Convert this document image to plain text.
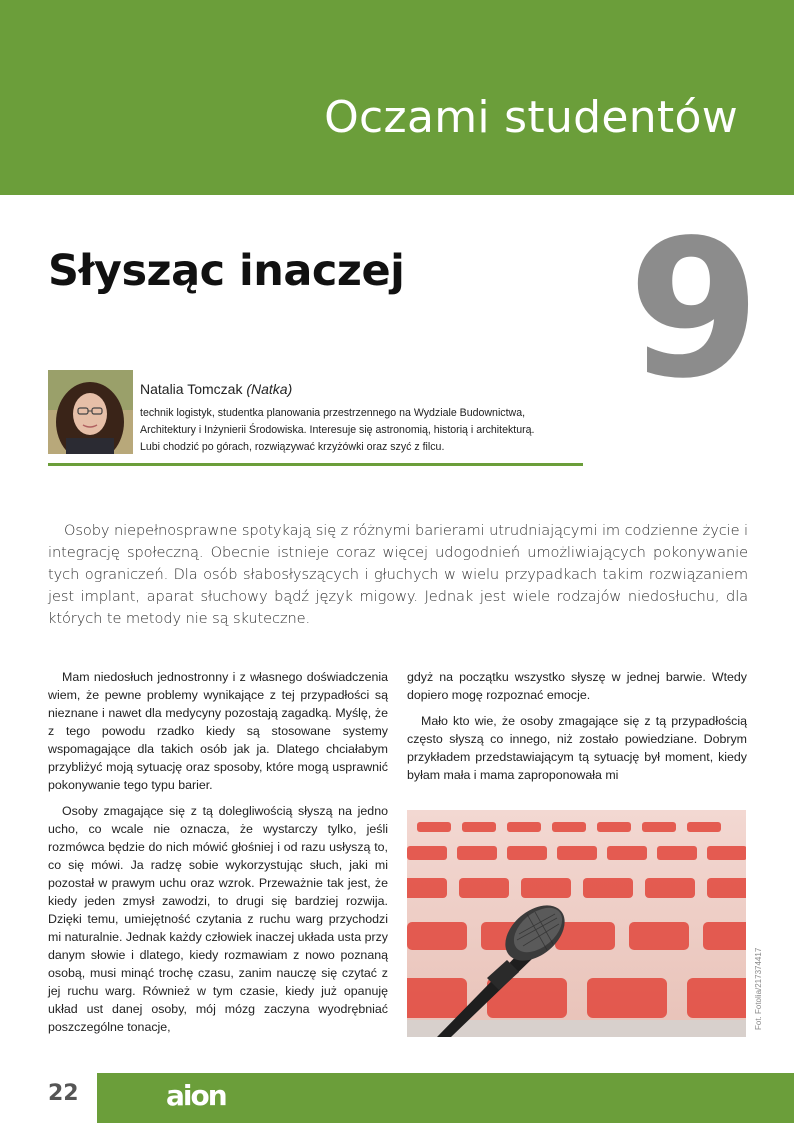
Oczami studentów
Słysząc inaczej 9
Natalia Tomczak (Natka)
technik logistyk, studentka planowania przestrzennego na Wydziale Budownictwa,
Architektury i Inżynierii Środowiska. Interesuje się astronomią, historią i architekturą.
Lubi chodzić po górach, rozwiązywać krzyżówki oraz szyć z filcu.
Osoby niepełnosprawne spotykają się z różnymi barierami utrudniającymi im codzienne życie i integrację społeczną. Obecnie istnieje coraz więcej udogodnień umożliwiających pokonywanie tych ograniczeń. Dla osób słabosłyszących i głuchych w wielu przypadkach takim rozwiązaniem jest implant, aparat słuchowy bądź język migowy. Jednak jest wiele rodzajów niedosłuchu, dla których te metody nie są skuteczne.

Mam niedosłuch jednostronny i z własnego doświadczenia wiem, że pewne problemy wynikające z tej przypadłości są nieznane i nawet dla medycyny pozostają zagadką. Myślę, że z tego powodu rzadko kiedy są stosowane systemy wspomagające dla takich osób jak ja. Dlatego chciałabym przybliżyć moją sytuację oraz sposoby, które mogą usprawnić pokonywanie tego typu barier.

Osoby zmagające się z tą dolegliwością słyszą na jedno ucho, co wcale nie oznacza, że wystarczy tylko, jeśli rozmówca będzie do nich mówić głośniej i od razu usłyszą to, co się mówi. Ja radzę sobie wykorzystując słuch, jaki mi pozostał w prawym uchu oraz wzrok. Przeważnie tak jest, że kiedy jeden zmysł zawodzi, to drugi się bardziej rozwija. Dzięki temu, umiejętność czytania z ruchu warg przychodzi mi naturalnie. Jednak każdy człowiek inaczej układa usta przy danym słowie i dlatego, kiedy rozmawiam z nowo poznaną osobą, musi minąć trochę czasu, zanim nauczę się czytać z jej ruchu warg. Również w tym czasie, kiedy już opanuję układ ust danej osoby, mój mózg zaczyna wyodrębniać poszczególne tonacje,

gdyż na początku wszystko słyszę w jednej barwie. Wtedy dopiero mogę rozpoznać emocje.

Mało kto wie, że osoby zmagające się z tą przypadłością często słyszą co innego, niż zostało powiedziane. Dobrym przykładem przedstawiającym tą sytuację był moment, kiedy byłam mała i mama zaproponowała mi

Fot. Fotolia/217374417
22	aion
